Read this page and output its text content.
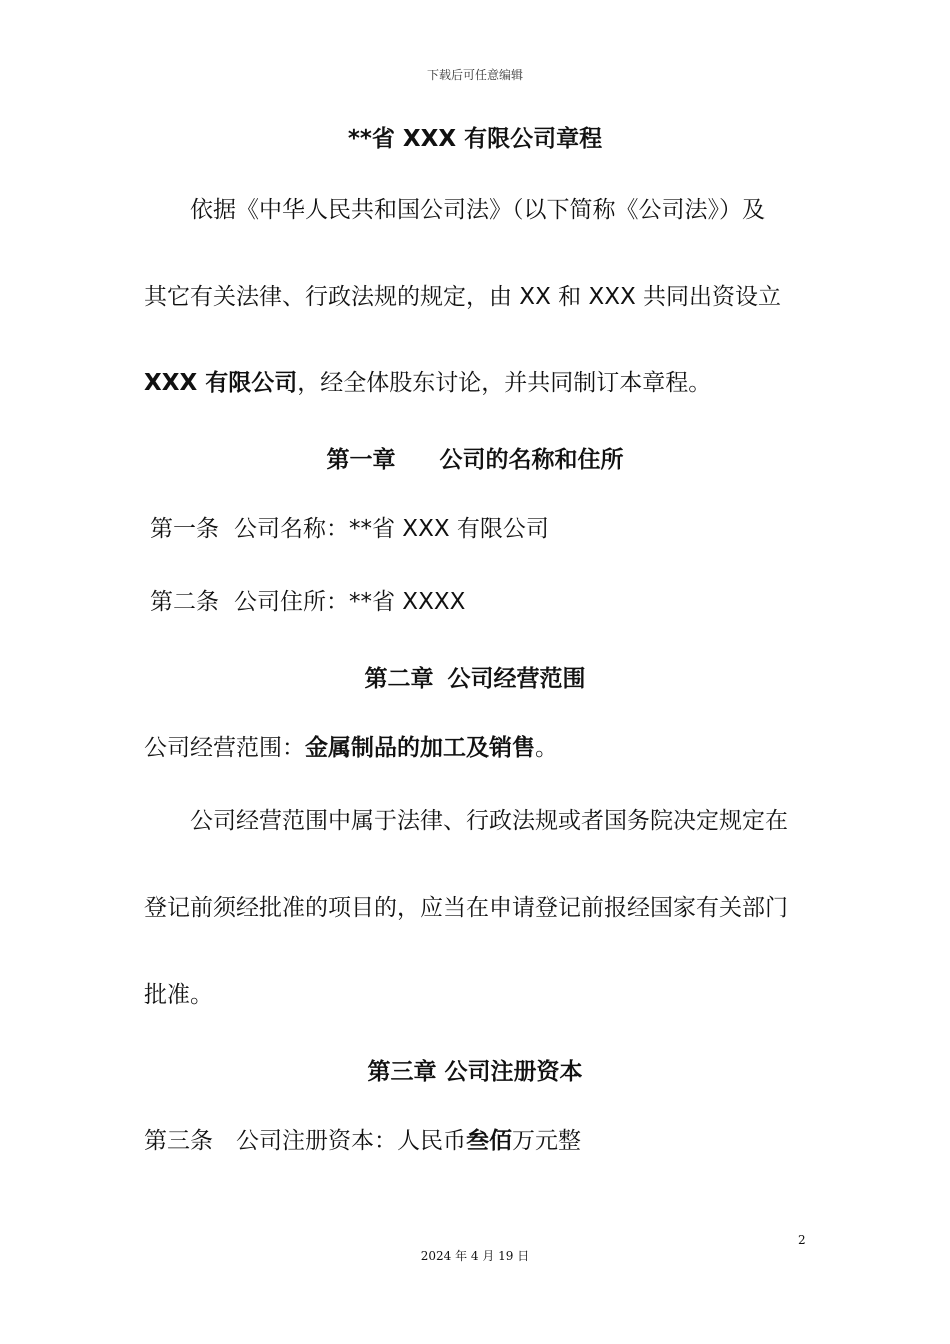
下载后可任意编辑
**省 XXX 有限公司章程
依据《中华人民共和国公司法》（以下简称《公司法》）及
其它有关法律、行政法规的规定，由 XX 和 XXX 共同出资设立
XXX 有限公司，经全体股东讨论，并共同制订本章程。
第一章 公司的名称和住所
第一条 公司名称：**省 XXX 有限公司
第二条 公司住所：**省 XXXX
第二章 公司经营范围
公司经营范围：金属制品的加工及销售。
公司经营范围中属于法律、行政法规或者国务院决定规定在
登记前须经批准的项目的，应当在申请登记前报经国家有关部门
批准。
第三章 公司注册资本
第三条 公司注册资本：人民币叁佰万元整
2
2024 年 4 月 19 日
